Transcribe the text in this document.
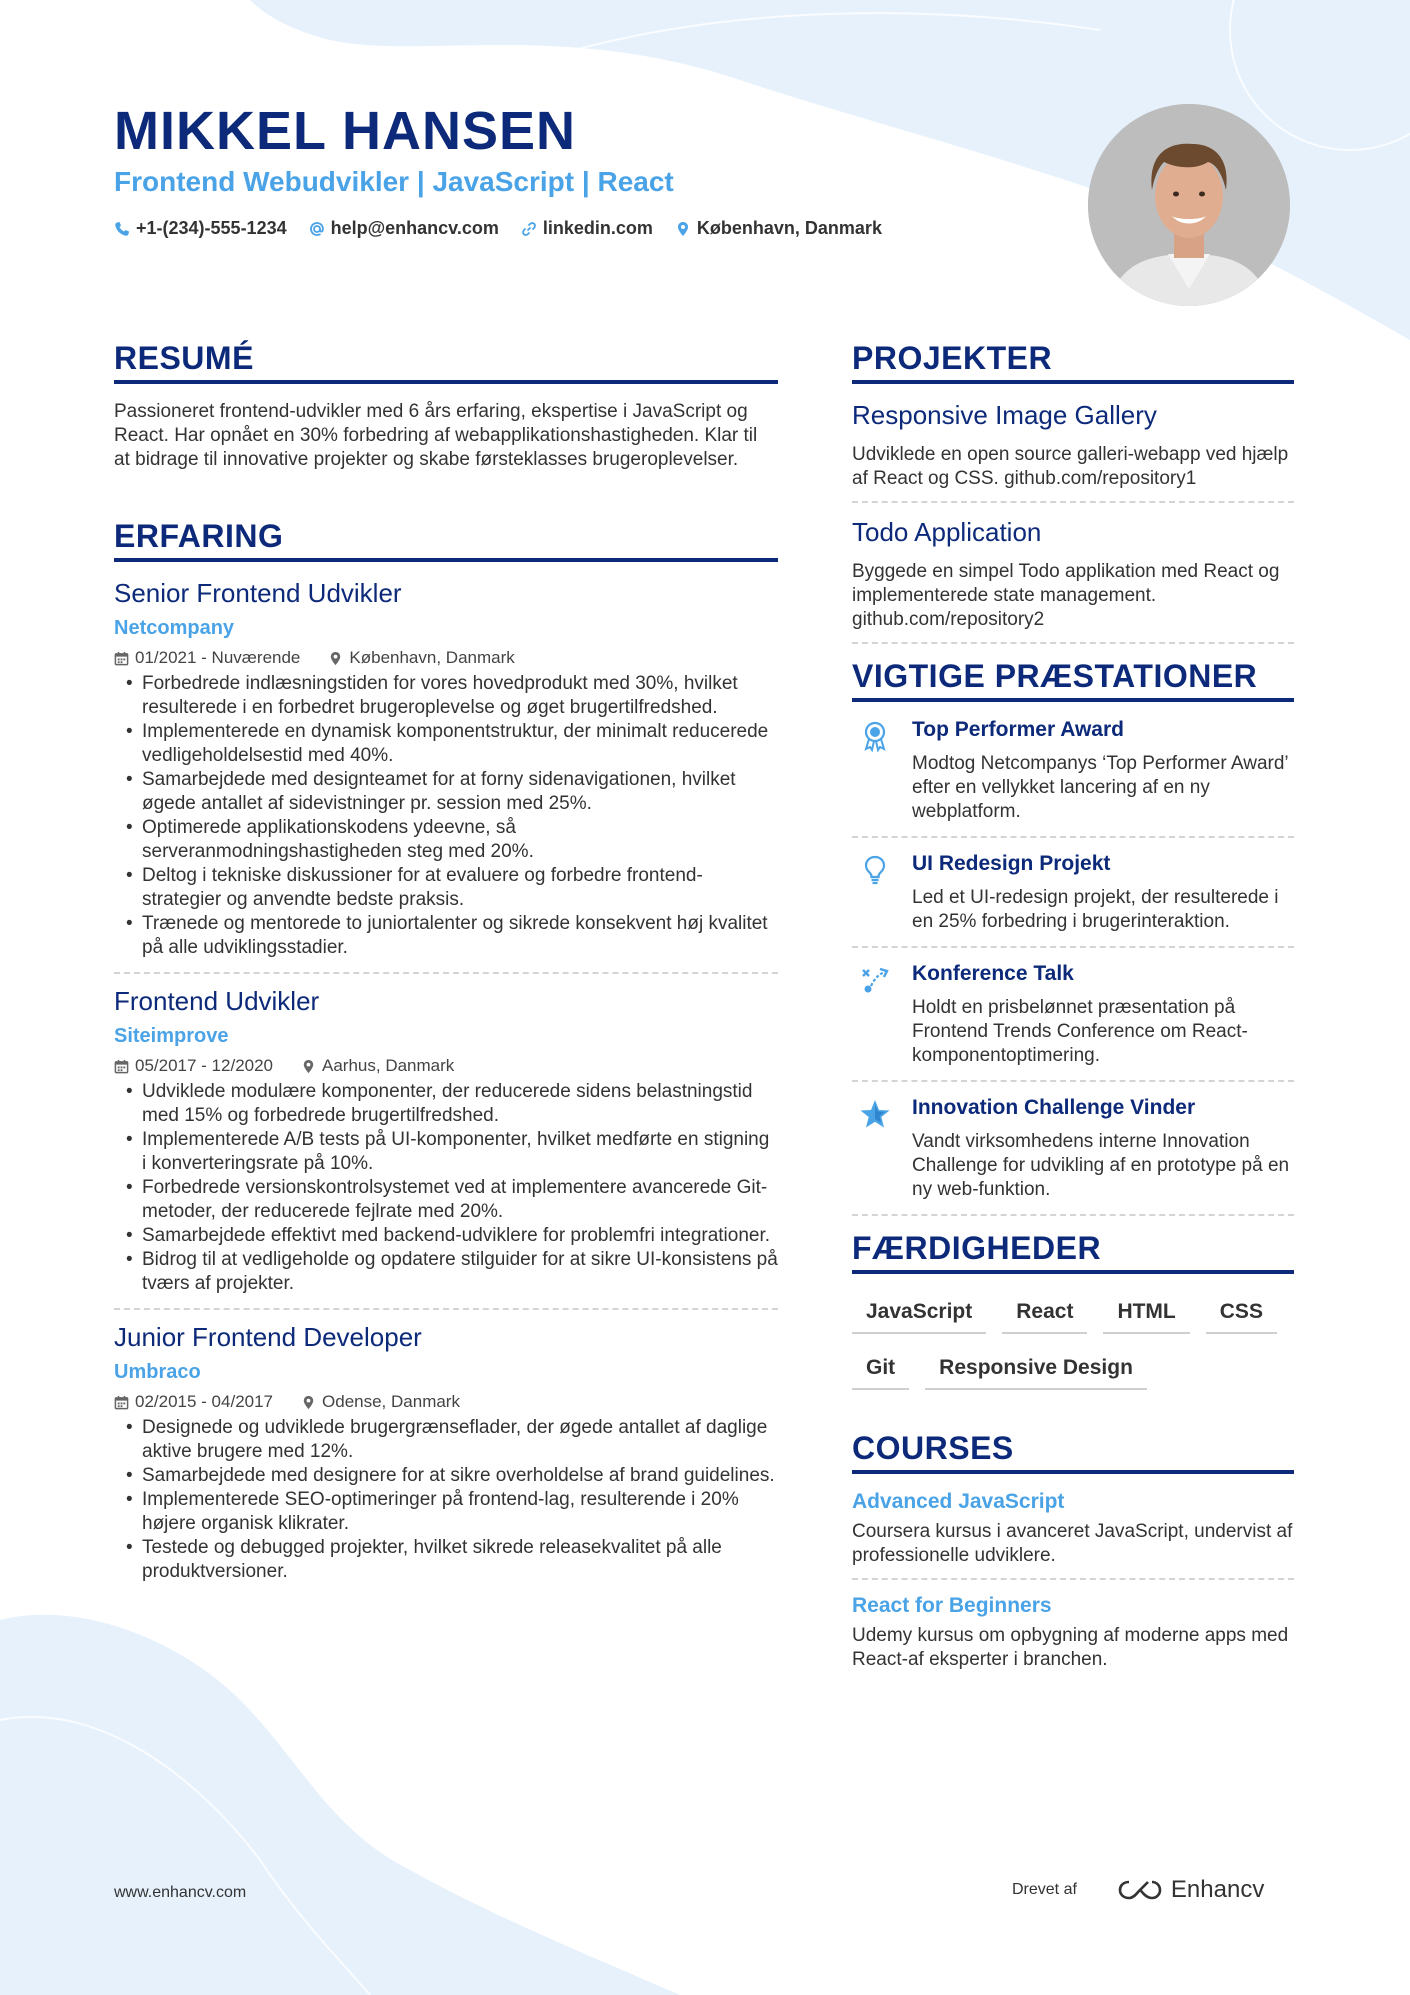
MIKKEL HANSEN
Frontend Webudvikler | JavaScript | React
+1-(234)-555-1234 help@enhancv.com linkedin.com København, Danmark
RESUMÉ
Passioneret frontend-udvikler med 6 års erfaring, ekspertise i JavaScript og React. Har opnået en 30% forbedring af webapplikationshastigheden. Klar til at bidrage til innovative projekter og skabe førsteklasses brugeroplevelser.
ERFARING
Senior Frontend Udvikler
Netcompany
01/2021 - Nuværende	København, Danmark
• Forbedrede indlæsningstiden for vores hovedprodukt med 30%, hvilket resulterede i en forbedret brugeroplevelse og øget brugertilfredshed.
• Implementerede en dynamisk komponentstruktur, der minimalt reducerede vedligeholdelsestid med 40%.
• Samarbejdede med designteamet for at forny sidenavigationen, hvilket øgede antallet af sidevistninger pr. session med 25%.
• Optimerede applikationskodens ydeevne, så serveranmodningshastigheden steg med 20%.
• Deltog i tekniske diskussioner for at evaluere og forbedre frontend-strategier og anvendte bedste praksis.
• Trænede og mentorede to juniortalenter og sikrede konsekvent høj kvalitet på alle udviklingsstadier.
Frontend Udvikler
Siteimprove
05/2017 - 12/2020	Aarhus, Danmark
• Udviklede modulære komponenter, der reducerede sidens belastningstid med 15% og forbedrede brugertilfredshed.
• Implementerede A/B tests på UI-komponenter, hvilket medførte en stigning i konverteringsrate på 10%.
• Forbedrede versionskontrolsystemet ved at implementere avancerede Git-metoder, der reducerede fejlrate med 20%.
• Samarbejdede effektivt med backend-udviklere for problemfri integrationer.
• Bidrog til at vedligeholde og opdatere stilguider for at sikre UI-konsistens på tværs af projekter.
Junior Frontend Developer
Umbraco
02/2015 - 04/2017	Odense, Danmark
• Designede og udviklede brugergrænseflader, der øgede antallet af daglige aktive brugere med 12%.
• Samarbejdede med designere for at sikre overholdelse af brand guidelines.
• Implementerede SEO-optimeringer på frontend-lag, resulterende i 20% højere organisk klikrater.
• Testede og debugged projekter, hvilket sikrede releasekvalitet på alle produktversioner.
PROJEKTER
Responsive Image Gallery
Udviklede en open source galleri-webapp ved hjælp af React og CSS. github.com/repository1
Todo Application
Byggede en simpel Todo applikation med React og implementerede state management. github.com/repository2
VIGTIGE PRÆSTATIONER
Top Performer Award
Modtog Netcompanys ‘Top Performer Award’ efter en vellykket lancering af en ny webplatform.
UI Redesign Projekt
Led et UI-redesign projekt, der resulterede i en 25% forbedring i brugerinteraktion.
Konference Talk
Holdt en prisbelønnet præsentation på Frontend Trends Conference om React-komponentoptimering.
Innovation Challenge Vinder
Vandt virksomhedens interne Innovation Challenge for udvikling af en prototype på en ny web-funktion.
FÆRDIGHEDER
JavaScript	React	HTML	CSS
Git	Responsive Design
COURSES
Advanced JavaScript
Coursera kursus i avanceret JavaScript, undervist af professionelle udviklere.
React for Beginners
Udemy kursus om opbygning af moderne apps med React-af eksperter i branchen.
www.enhancv.com	Drevet af	Enhancv
